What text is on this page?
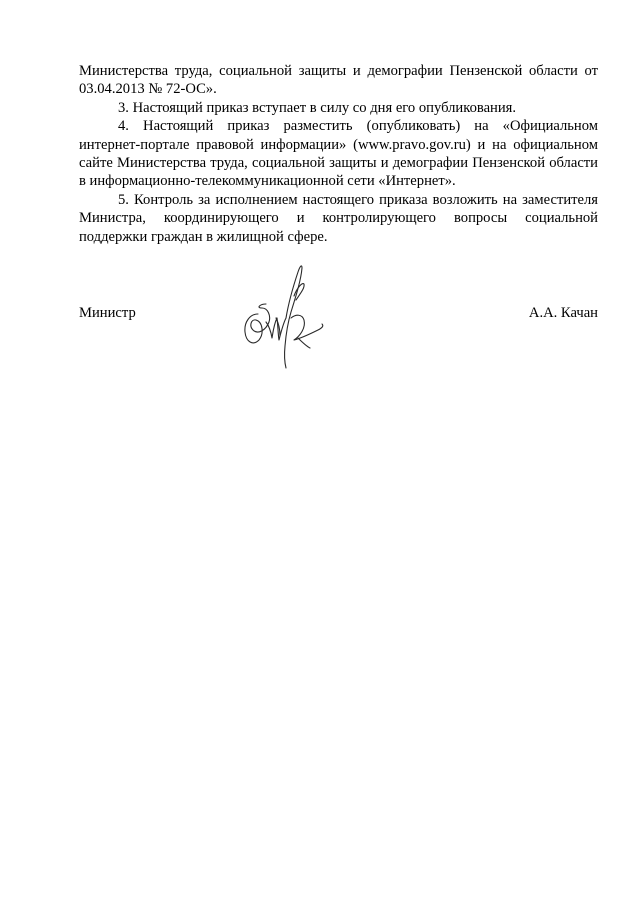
Министерства труда, социальной защиты и демографии Пензенской области от 03.04.2013 № 72-ОС».

3. Настоящий приказ вступает в силу со дня его опубликования.

4. Настоящий приказ разместить (опубликовать) на «Официальном интернет-портале правовой информации» (www.pravo.gov.ru) и на официальном сайте Министерства труда, социальной защиты и демографии Пензенской области в информационно-телекоммуникационной сети «Интернет».

5. Контроль за исполнением настоящего приказа возложить на заместителя Министра, координирующего и контролирующего вопросы социальной поддержки граждан в жилищной сфере.

Министр	А.А. Качан
